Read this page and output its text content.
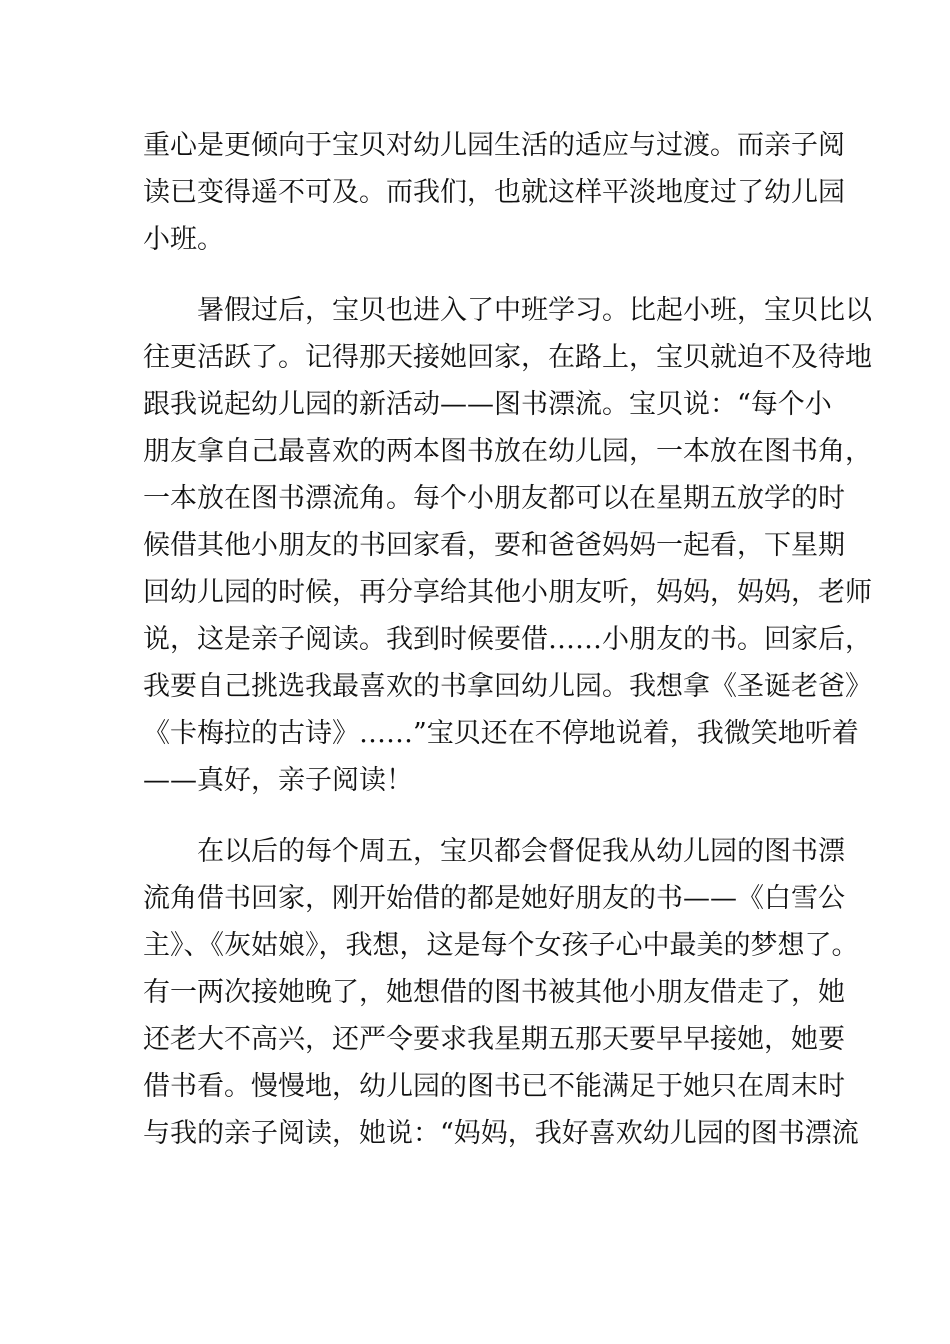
重心是更倾向于宝贝对幼儿园生活的适应与过渡。而亲子阅
读已变得遥不可及。而我们，也就这样平淡地度过了幼儿园
小班。
　　暑假过后，宝贝也进入了中班学习。比起小班，宝贝比以
往更活跃了。记得那天接她回家，在路上，宝贝就迫不及待地
跟我说起幼儿园的新活动——图书漂流。宝贝说：“每个小
朋友拿自己最喜欢的两本图书放在幼儿园，一本放在图书角，
一本放在图书漂流角。每个小朋友都可以在星期五放学的时
候借其他小朋友的书回家看，要和爸爸妈妈一起看，下星期
回幼儿园的时候，再分享给其他小朋友听，妈妈，妈妈，老师
说，这是亲子阅读。我到时候要借……小朋友的书。回家后，
我要自己挑选我最喜欢的书拿回幼儿园。我想拿《圣诞老爸》
《卡梅拉的古诗》……”宝贝还在不停地说着，我微笑地听着
——真好，亲子阅读！
　　在以后的每个周五，宝贝都会督促我从幼儿园的图书漂
流角借书回家，刚开始借的都是她好朋友的书——《白雪公
主》、《灰姑娘》，我想，这是每个女孩子心中最美的梦想了。
有一两次接她晚了，她想借的图书被其他小朋友借走了，她
还老大不高兴，还严令要求我星期五那天要早早接她，她要
借书看。慢慢地，幼儿园的图书已不能满足于她只在周末时
与我的亲子阅读，她说：“妈妈，我好喜欢幼儿园的图书漂流
